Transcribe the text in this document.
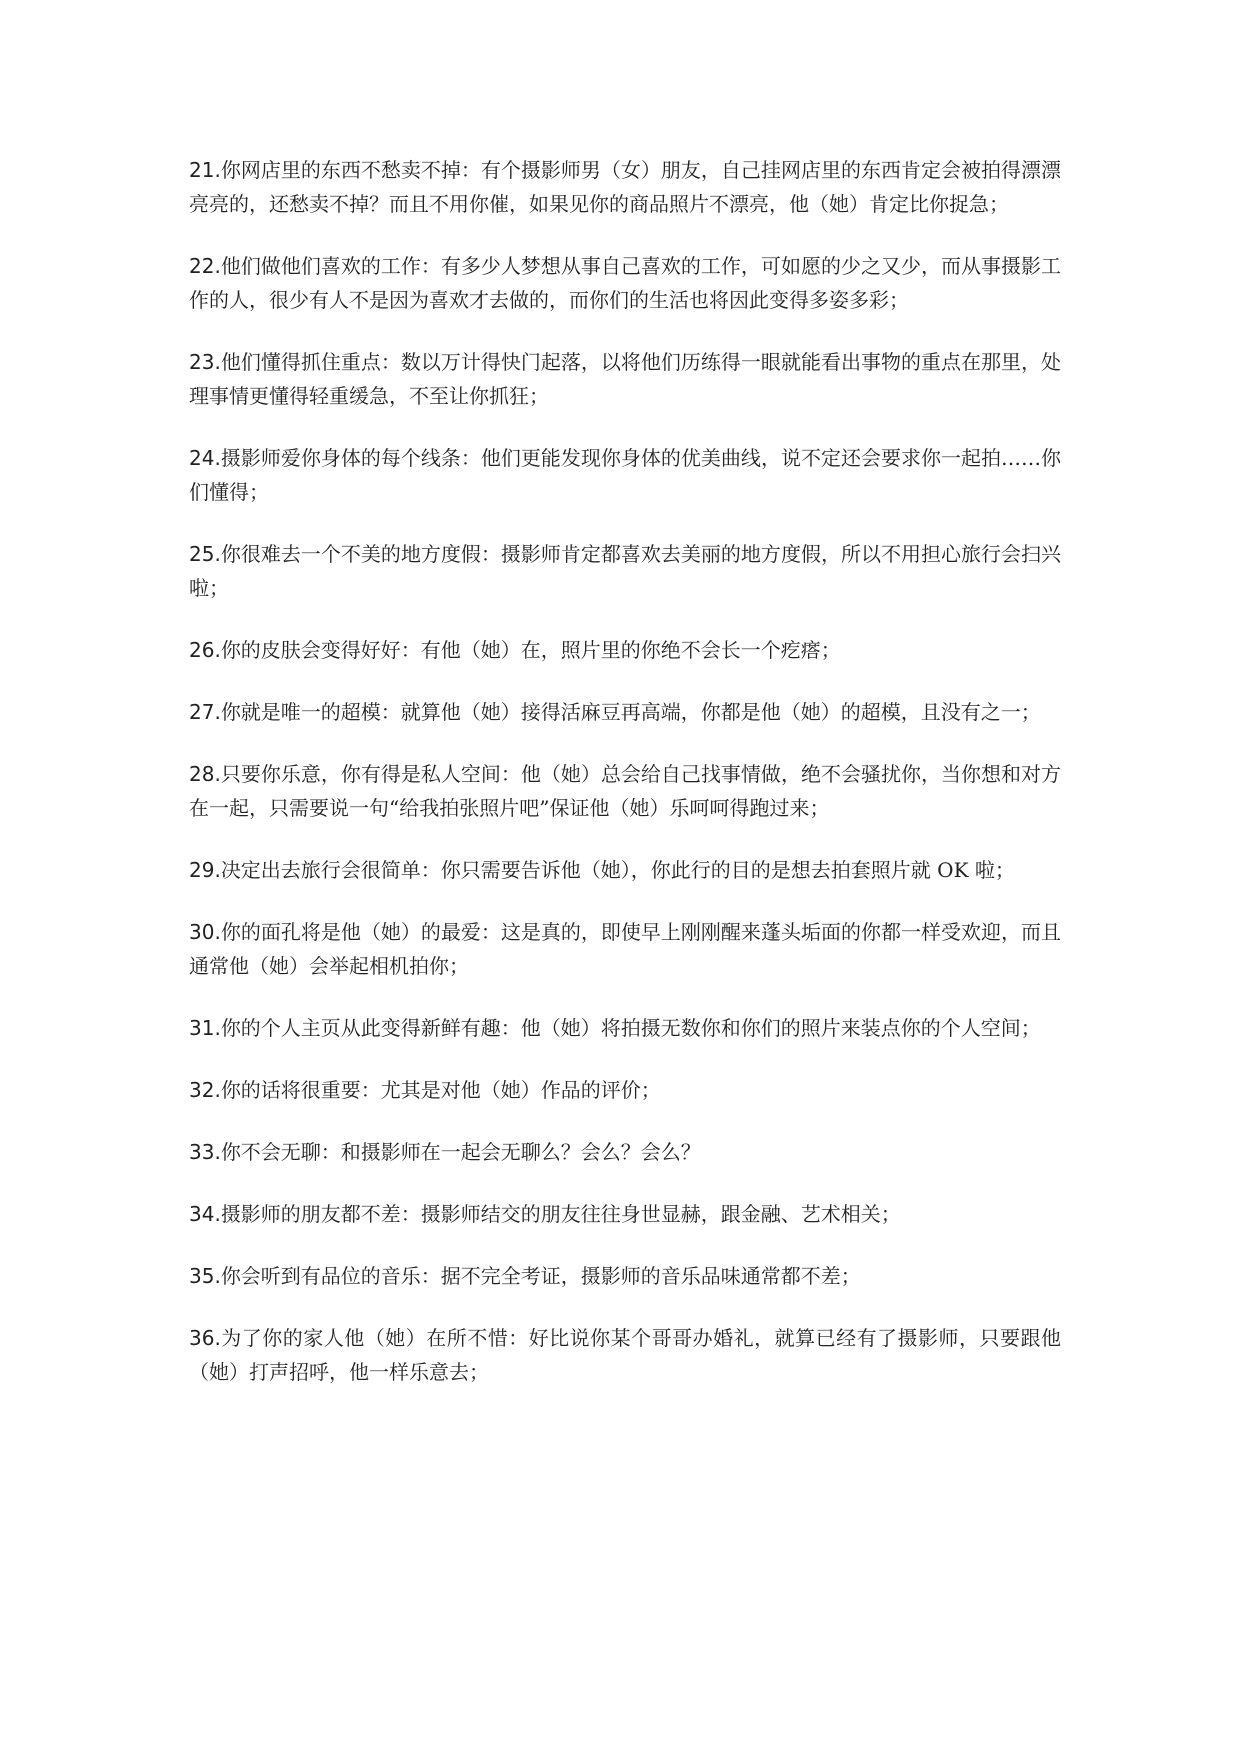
21.你网店里的东西不愁卖不掉：有个摄影师男（女）朋友，自己挂网店里的东西肯定会被拍得漂漂亮亮的，还愁卖不掉？而且不用你催，如果见你的商品照片不漂亮，他（她）肯定比你捉急；

22.他们做他们喜欢的工作：有多少人梦想从事自己喜欢的工作，可如愿的少之又少，而从事摄影工作的人，很少有人不是因为喜欢才去做的，而你们的生活也将因此变得多姿多彩；

23.他们懂得抓住重点：数以万计得快门起落，以将他们历练得一眼就能看出事物的重点在那里，处理事情更懂得轻重缓急，不至让你抓狂；

24.摄影师爱你身体的每个线条：他们更能发现你身体的优美曲线，说不定还会要求你一起拍……你们懂得；

25.你很难去一个不美的地方度假：摄影师肯定都喜欢去美丽的地方度假，所以不用担心旅行会扫兴啦；

26.你的皮肤会变得好好：有他（她）在，照片里的你绝不会长一个疙瘩；

27.你就是唯一的超模：就算他（她）接得活麻豆再高端，你都是他（她）的超模，且没有之一；

28.只要你乐意，你有得是私人空间：他（她）总会给自己找事情做，绝不会骚扰你，当你想和对方在一起，只需要说一句“给我拍张照片吧”保证他（她）乐呵呵得跑过来；

29.决定出去旅行会很简单：你只需要告诉他（她），你此行的目的是想去拍套照片就 OK 啦；

30.你的面孔将是他（她）的最爱：这是真的，即使早上刚刚醒来蓬头垢面的你都一样受欢迎，而且通常他（她）会举起相机拍你；

31.你的个人主页从此变得新鲜有趣：他（她）将拍摄无数你和你们的照片来装点你的个人空间；

32.你的话将很重要：尤其是对他（她）作品的评价；

33.你不会无聊：和摄影师在一起会无聊么？会么？会么？

34.摄影师的朋友都不差：摄影师结交的朋友往往身世显赫，跟金融、艺术相关；

35.你会听到有品位的音乐：据不完全考证，摄影师的音乐品味通常都不差；

36.为了你的家人他（她）在所不惜：好比说你某个哥哥办婚礼，就算已经有了摄影师，只要跟他（她）打声招呼，他一样乐意去；
